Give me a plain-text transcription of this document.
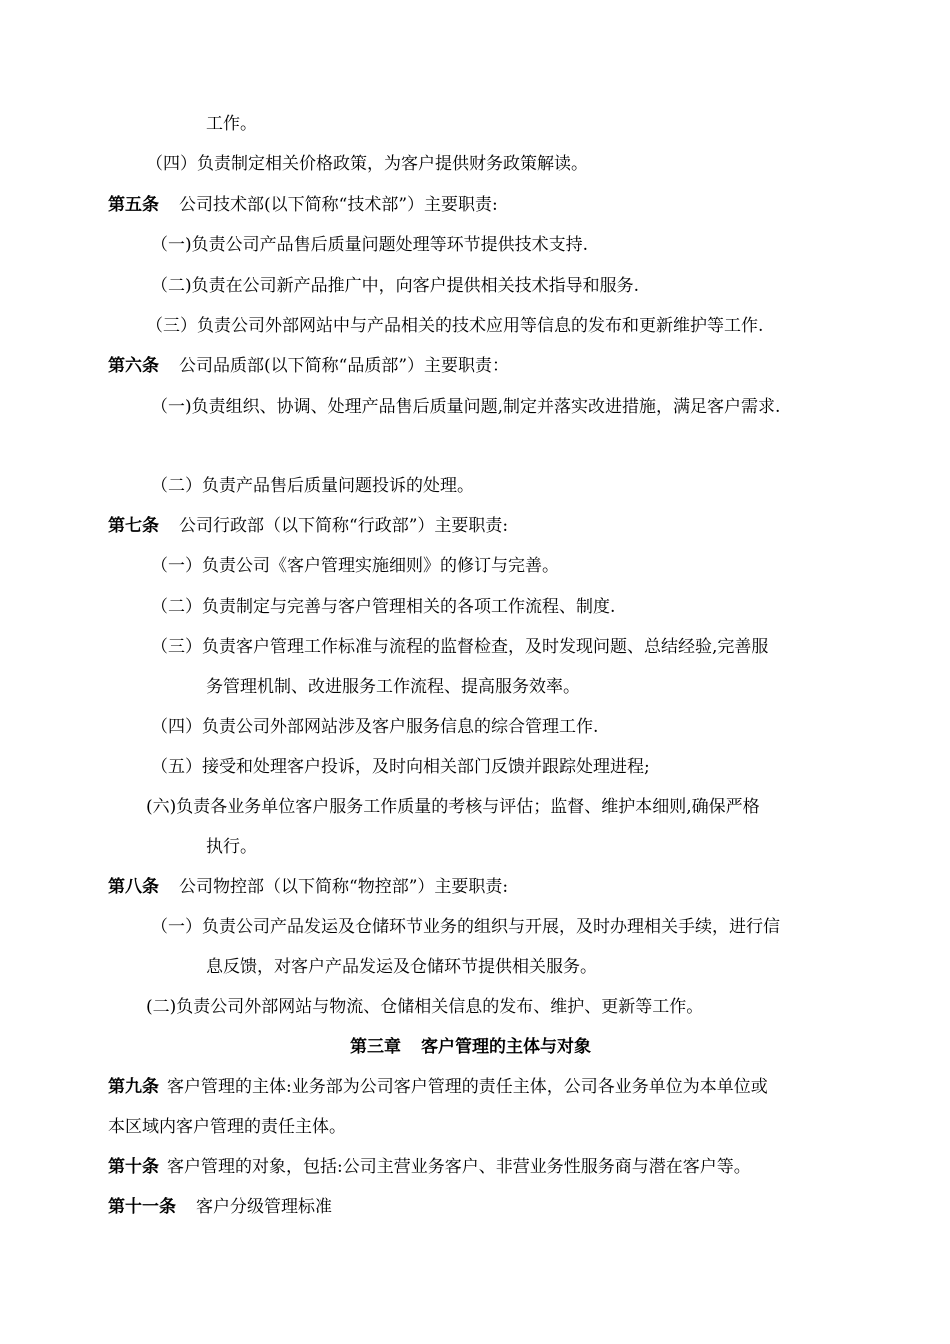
工作。
（四）负责制定相关价格政策，为客户提供财务政策解读。
第五条 公司技术部(以下简称“技术部”）主要职责:
（一)负责公司产品售后质量问题处理等环节提供技术支持.
（二)负责在公司新产品推广中，向客户提供相关技术指导和服务.
（三）负责公司外部网站中与产品相关的技术应用等信息的发布和更新维护等工作.
第六条 公司品质部(以下简称“品质部”）主要职责：
（一)负责组织、协调、处理产品售后质量问题,制定并落实改进措施，满足客户需求.
（二）负责产品售后质量问题投诉的处理。
第七条 公司行政部（以下简称“行政部”）主要职责:
（一）负责公司《客户管理实施细则》的修订与完善。
（二）负责制定与完善与客户管理相关的各项工作流程、制度.
（三）负责客户管理工作标准与流程的监督检查，及时发现问题、总结经验,完善服
务管理机制、改进服务工作流程、提高服务效率。
（四）负责公司外部网站涉及客户服务信息的综合管理工作.
（五）接受和处理客户投诉，及时向相关部门反馈并跟踪处理进程;
(六)负责各业务单位客户服务工作质量的考核与评估；监督、维护本细则,确保严格
执行。
第八条 公司物控部（以下简称“物控部”）主要职责:
（一）负责公司产品发运及仓储环节业务的组织与开展，及时办理相关手续，进行信
息反馈，对客户产品发运及仓储环节提供相关服务。
(二)负责公司外部网站与物流、仓储相关信息的发布、维护、更新等工作。
第三章 客户管理的主体与对象
第九条 客户管理的主体:业务部为公司客户管理的责任主体，公司各业务单位为本单位或
本区域内客户管理的责任主体。
第十条 客户管理的对象，包括:公司主营业务客户、非营业务性服务商与潜在客户等。
第十一条 客户分级管理标准
